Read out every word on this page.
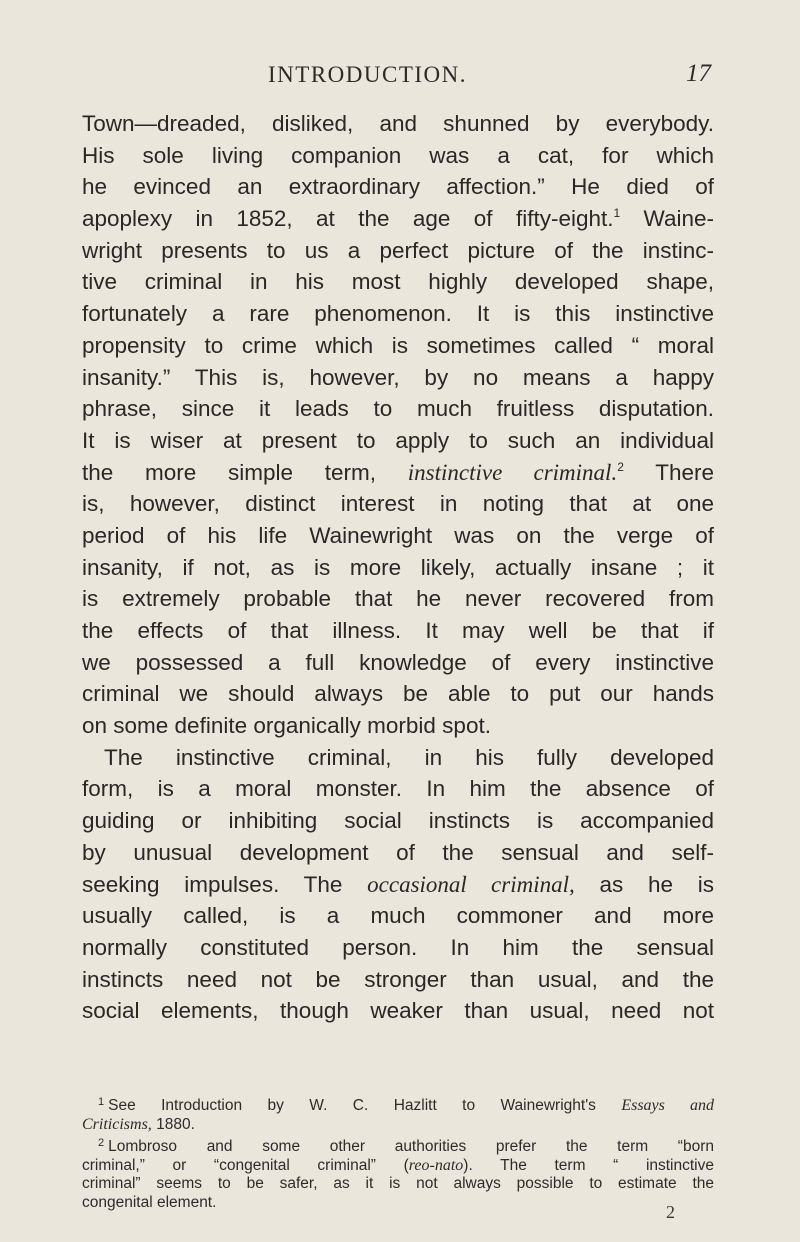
INTRODUCTION.	17
Town—dreaded, disliked, and shunned by everybody.
His sole living companion was a cat, for which
he evinced an extraordinary affection.” He died of
apoplexy in 1852, at the age of fifty-eight.$^1$ Waine-
wright presents to us a perfect picture of the instinc-
tive criminal in his most highly developed shape,
fortunately a rare phenomenon. It is this instinctive
propensity to crime which is sometimes called “ moral
insanity.” This is, however, by no means a happy
phrase, since it leads to much fruitless disputation.
It is wiser at present to apply to such an individual
the more simple term, instinctive criminal.$^2$ There
is, however, distinct interest in noting that at one
period of his life Wainewright was on the verge of
insanity, if not, as is more likely, actually insane ; it
is extremely probable that he never recovered from
the effects of that illness. It may well be that if
we possessed a full knowledge of every instinctive
criminal we should always be able to put our hands
on some definite organically morbid spot.
The instinctive criminal, in his fully developed
form, is a moral monster. In him the absence of
guiding or inhibiting social instincts is accompanied
by unusual development of the sensual and self-
seeking impulses. The occasional criminal, as he is
usually called, is a much commoner and more
normally constituted person. In him the sensual
instincts need not be stronger than usual, and the
social elements, though weaker than usual, need not
$^1$ See Introduction by W. C. Hazlitt to Wainewright's Essays and
Criticisms, 1880.
$^2$ Lombroso and some other authorities prefer the term “born
criminal,” or “congenital criminal” (reo-nato). The term “ instinctive
criminal” seems to be safer, as it is not always possible to estimate the
congenital element.	2
